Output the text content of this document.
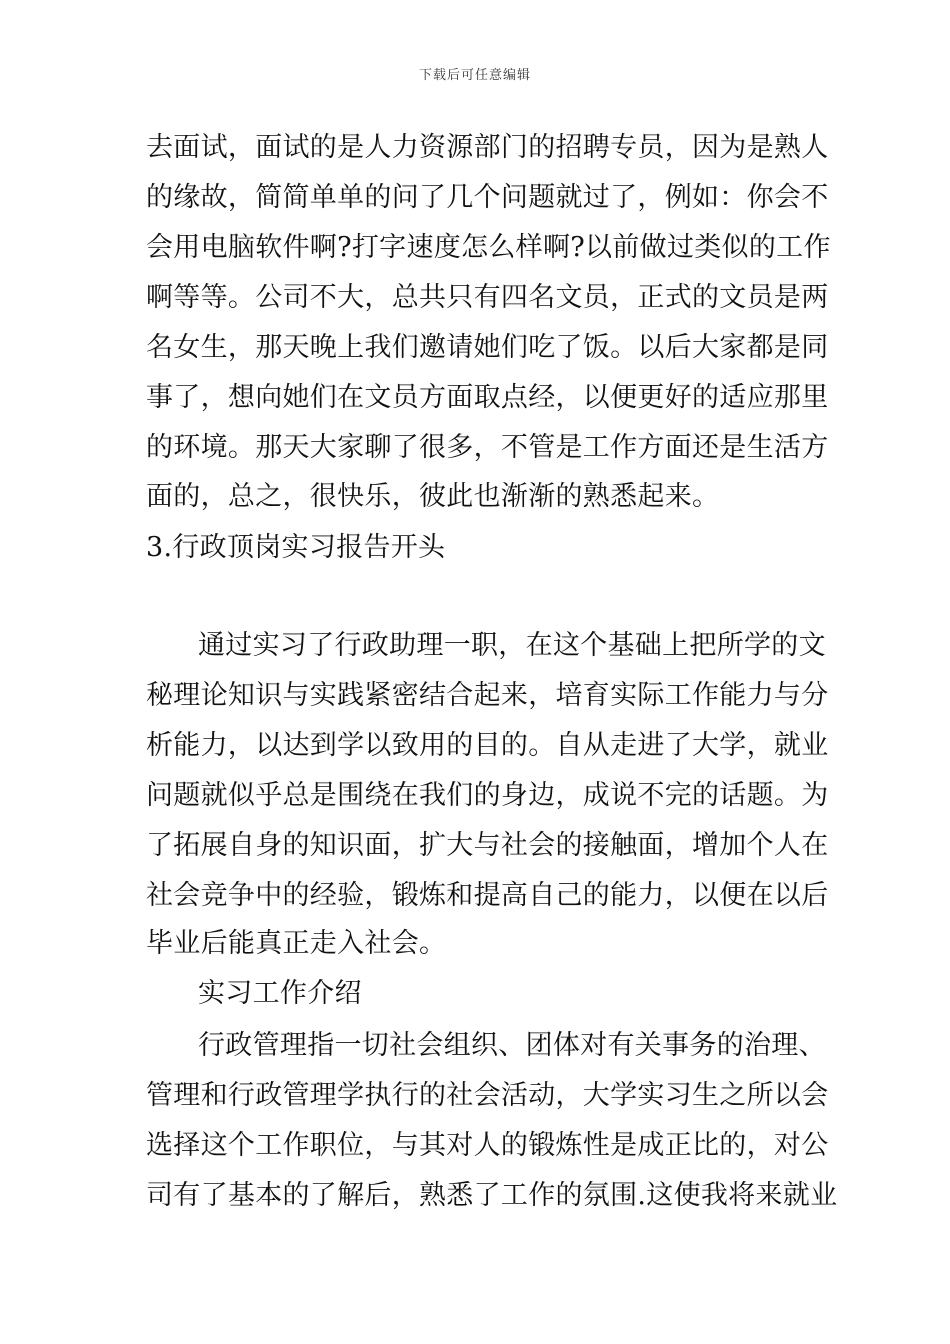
下载后可任意编辑
去面试，面试的是人力资源部门的招聘专员，因为是熟人
的缘故，简简单单的问了几个问题就过了，例如：你会不
会用电脑软件啊?打字速度怎么样啊?以前做过类似的工作
啊等等。公司不大，总共只有四名文员，正式的文员是两
名女生，那天晚上我们邀请她们吃了饭。以后大家都是同
事了，想向她们在文员方面取点经，以便更好的适应那里
的环境。那天大家聊了很多，不管是工作方面还是生活方
面的，总之，很快乐，彼此也渐渐的熟悉起来。
3.行政顶岗实习报告开头
通过实习了行政助理一职，在这个基础上把所学的文
秘理论知识与实践紧密结合起来，培育实际工作能力与分
析能力，以达到学以致用的目的。自从走进了大学，就业
问题就似乎总是围绕在我们的身边，成说不完的话题。为
了拓展自身的知识面，扩大与社会的接触面，增加个人在
社会竞争中的经验，锻炼和提高自己的能力，以便在以后
毕业后能真正走入社会。
实习工作介绍
行政管理指一切社会组织、团体对有关事务的治理、
管理和行政管理学执行的社会活动，大学实习生之所以会
选择这个工作职位，与其对人的锻炼性是成正比的，对公
司有了基本的了解后，熟悉了工作的氛围.这使我将来就业
